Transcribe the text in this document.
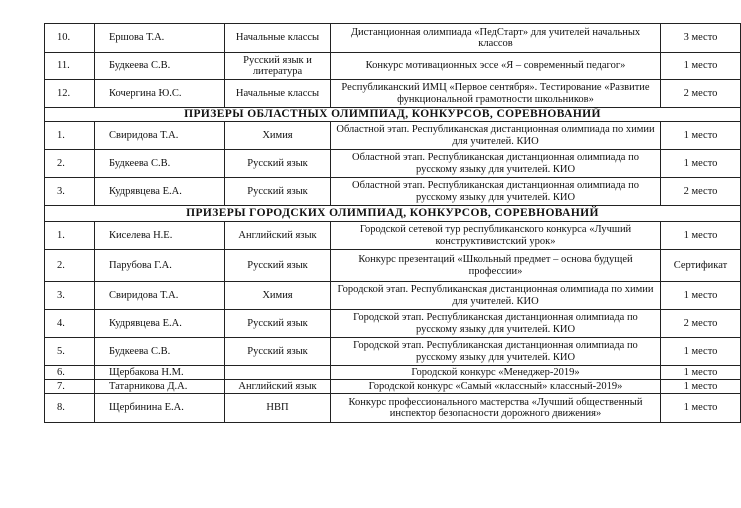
10.	Ершова Т.А.	Начальные классы	Дистанционная олимпиада «ПедСтарт» для учителей начальных классов	3 место
11.	Будкеева С.В.	Русский язык и литература	Конкурс мотивационных эссе «Я – современный педагог»	1 место
12.	Кочергина Ю.С.	Начальные классы	Республиканский ИМЦ «Первое сентября». Тестирование «Развитие функциональной грамотности школьников»	2 место
ПРИЗЕРЫ ОБЛАСТНЫХ ОЛИМПИАД, КОНКУРСОВ, СОРЕВНОВАНИЙ				
1.	Свиридова Т.А.	Химия	Областной этап. Республиканская дистанционная олимпиада по химии для учителей. КИО	1 место
2.	Будкеева С.В.	Русский язык	Областной этап. Республиканская дистанционная олимпиада по русскому языку для учителей. КИО	1 место
3.	Кудрявцева Е.А.	Русский язык	Областной этап. Республиканская дистанционная олимпиада по русскому языку для учителей. КИО	2 место
ПРИЗЕРЫ ГОРОДСКИХ ОЛИМПИАД, КОНКУРСОВ, СОРЕВНОВАНИЙ				
1.	Киселева Н.Е.	Английский язык	Городской сетевой тур республиканского конкурса «Лучший конструктивистский урок»	1 место
2.	Парубова Г.А.	Русский язык	Конкурс презентаций «Школьный предмет – основа будущей профессии»	Сертификат
3.	Свиридова Т.А.	Химия	Городской этап. Республиканская дистанционная олимпиада по химии для учителей. КИО	1 место
4.	Кудрявцева Е.А.	Русский язык	Городской этап. Республиканская дистанционная олимпиада по русскому языку для учителей. КИО	2 место
5.	Будкеева С.В.	Русский язык	Городской этап. Республиканская дистанционная олимпиада по русскому языку для учителей. КИО	1 место
6.	Щербакова Н.М.		Городской конкурс «Менеджер-2019»	1 место
7.	Татарникова Д.А.	Английский язык	Городской конкурс «Самый «классный» классный-2019»	1 место
8.	Щербинина Е.А.	НВП	Конкурс профессионального мастерства «Лучший общественный инспектор безопасности дорожного движения»	1 место
